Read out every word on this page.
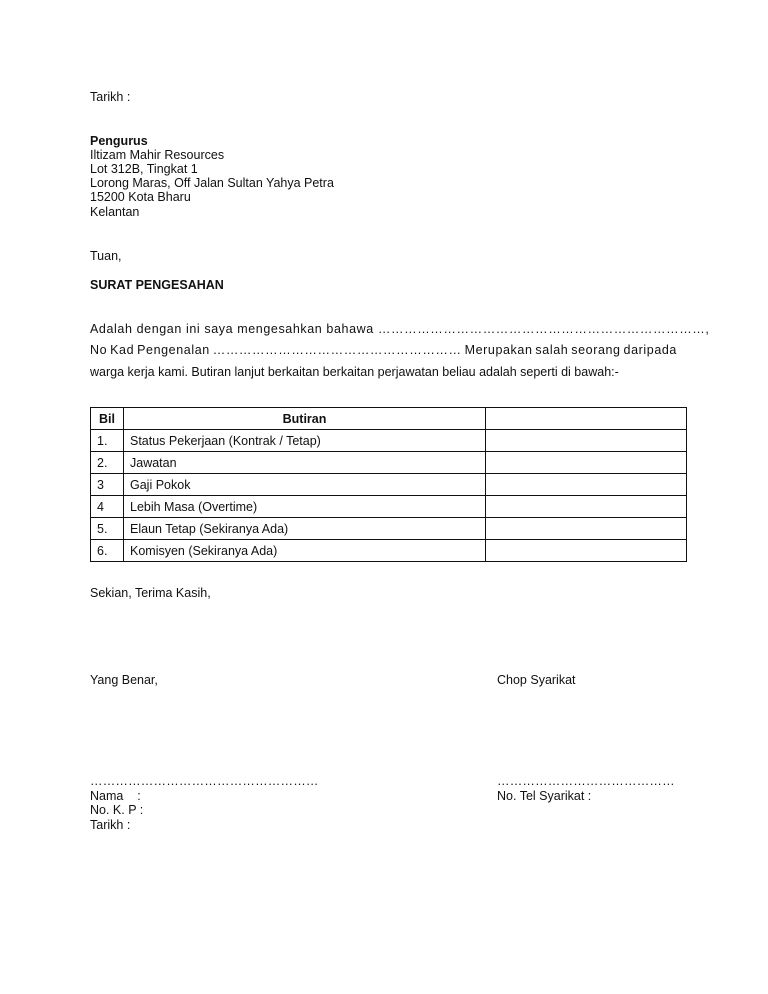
Tarikh :
Pengurus
Iltizam Mahir Resources
Lot 312B, Tingkat 1
Lorong Maras, Off Jalan Sultan Yahya Petra
15200 Kota Bharu
Kelantan
Tuan,
SURAT PENGESAHAN
Adalah dengan ini saya mengesahkan bahawa …………………………………………………………………,
No Kad Pengenalan ………………………………………………… Merupakan salah seorang daripada
warga kerja kami. Butiran lanjut berkaitan berkaitan perjawatan beliau adalah seperti di bawah:-
Bil	Butiran	
1.	Status Pekerjaan (Kontrak / Tetap)	
2.	Jawatan	
3	Gaji Pokok	
4	Lebih Masa (Overtime)	
5.	Elaun Tetap (Sekiranya Ada)	
6.	Komisyen (Sekiranya Ada)	
Sekian, Terima Kasih,
Yang Benar,	Chop Syarikat
………………………………………………	……………………………………
Nama    :
No. K. P :
Tarikh :
No. Tel Syarikat :
